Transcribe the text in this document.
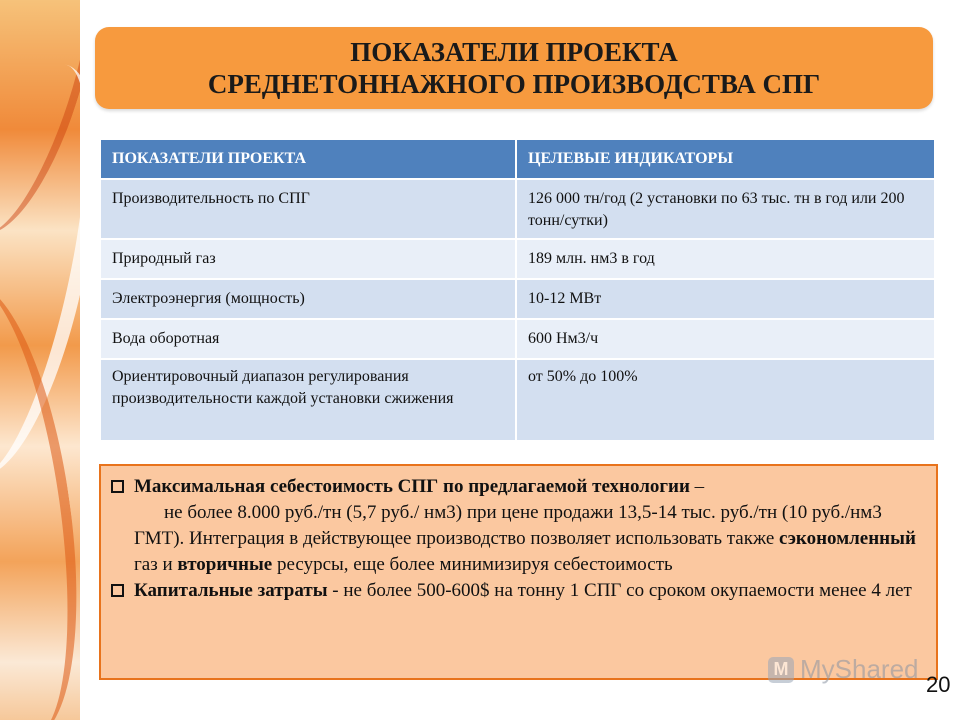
ПОКАЗАТЕЛИ ПРОЕКТА
СРЕДНЕТОННАЖНОГО ПРОИЗВОДСТВА СПГ
ПОКАЗАТЕЛИ ПРОЕКТА	ЦЕЛЕВЫЕ ИНДИКАТОРЫ
Производительность по СПГ	126 000 тн/год (2 установки по 63 тыс. тн в год или 200 тонн/сутки)
Природный газ	189 млн. нм3 в год
Электроэнергия (мощность)	10-12 МВт
Вода оборотная	600 Нм3/ч
Ориентировочный диапазон регулирования производительности каждой установки сжижения	от 50% до 100%
Максимальная себестоимость СПГ по предлагаемой технологии –
не более 8.000 руб./тн (5,7 руб./ нм3) при цене продажи 13,5-14 тыс. руб./тн (10 руб./нм3 ГМТ). Интеграция в действующее производство позволяет использовать также сэкономленный газ и вторичные ресурсы, еще более минимизируя себестоимость
Капитальные затраты - не более 500-600$ на тонну 1 СПГ со сроком окупаемости менее 4 лет
М MyShared
20
